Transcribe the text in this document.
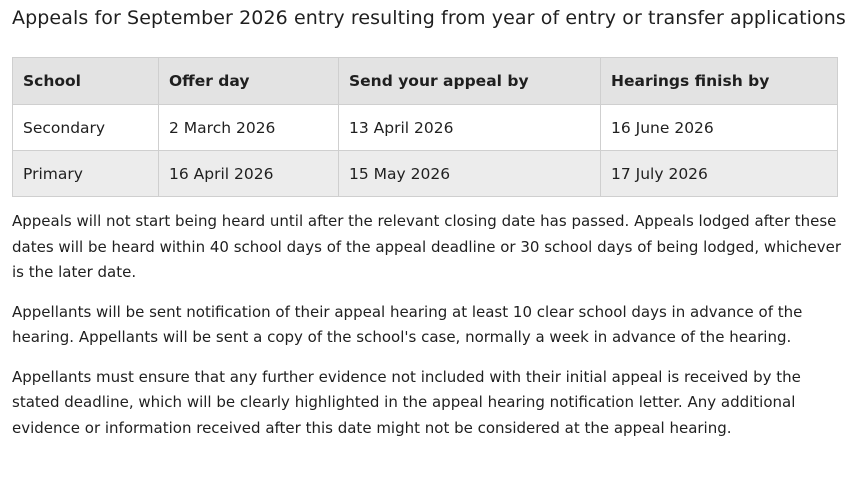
Appeals for September 2026 entry resulting from year of entry or transfer applications
School	Offer day	Send your appeal by	Hearings finish by
Secondary	2 March 2026	13 April 2026	16 June 2026
Primary	16 April 2026	15 May 2026	17 July 2026

Appeals will not start being heard until after the relevant closing date has passed. Appeals lodged after these dates will be heard within 40 school days of the appeal deadline or 30 school days of being lodged, whichever is the later date.

Appellants will be sent notification of their appeal hearing at least 10 clear school days in advance of the hearing. Appellants will be sent a copy of the school's case, normally a week in advance of the hearing.

Appellants must ensure that any further evidence not included with their initial appeal is received by the stated deadline, which will be clearly highlighted in the appeal hearing notification letter. Any additional evidence or information received after this date might not be considered at the appeal hearing.
